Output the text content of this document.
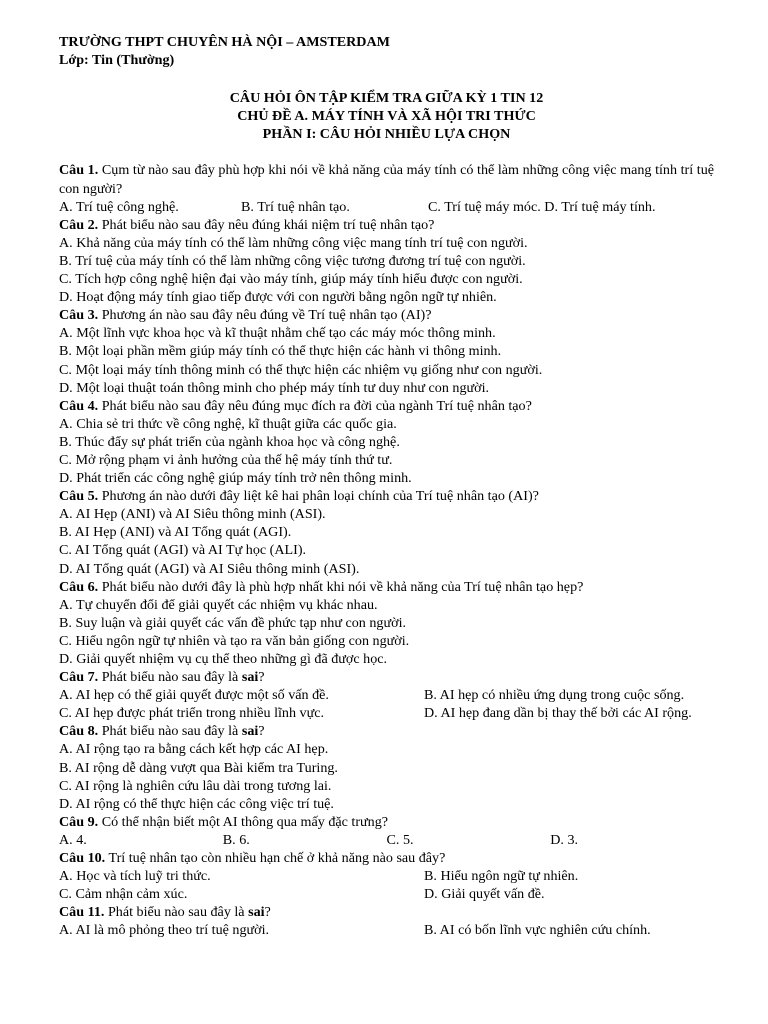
TRƯỜNG THPT CHUYÊN HÀ NỘI – AMSTERDAM
Lớp: Tin (Thường)
CÂU HỎI ÔN TẬP KIỂM TRA GIỮA KỲ 1 TIN 12
CHỦ ĐỀ A. MÁY TÍNH VÀ XÃ HỘI TRI THỨC
PHẦN I: CÂU HỎI NHIỀU LỰA CHỌN
Câu 1. Cụm từ nào sau đây phù hợp khi nói về khả năng của máy tính có thể làm những công việc mang tính trí tuệ con người?
A. Trí tuệ công nghệ.	B. Trí tuệ nhân tạo.	C. Trí tuệ máy móc. D. Trí tuệ máy tính.
Câu 2. Phát biểu nào sau đây nêu đúng khái niệm trí tuệ nhân tạo?
A. Khả năng của máy tính có thể làm những công việc mang tính trí tuệ con người.
B. Trí tuệ của máy tính có thể làm những công việc tương đương trí tuệ con người.
C. Tích hợp công nghệ hiện đại vào máy tính, giúp máy tính hiểu được con người.
D. Hoạt động máy tính giao tiếp được với con người bằng ngôn ngữ tự nhiên.
Câu 3. Phương án nào sau đây nêu đúng về Trí tuệ nhân tạo (AI)?
A. Một lĩnh vực khoa học và kĩ thuật nhằm chế tạo các máy móc thông minh.
B. Một loại phần mềm giúp máy tính có thể thực hiện các hành vi thông minh.
C. Một loại máy tính thông minh có thể thực hiện các nhiệm vụ giống như con người.
D. Một loại thuật toán thông minh cho phép máy tính tư duy như con người.
Câu 4. Phát biểu nào sau đây nêu đúng mục đích ra đời của ngành Trí tuệ nhân tạo?
A. Chia sẻ tri thức về công nghệ, kĩ thuật giữa các quốc gia.
B. Thúc đẩy sự phát triển của ngành khoa học và công nghệ.
C. Mở rộng phạm vi ảnh hưởng của thế hệ máy tính thứ tư.
D. Phát triển các công nghệ giúp máy tính trở nên thông minh.
Câu 5. Phương án nào dưới đây liệt kê hai phân loại chính của Trí tuệ nhân tạo (AI)?
A. AI Hẹp (ANI) và AI Siêu thông minh (ASI).
B. AI Hẹp (ANI) và AI Tổng quát (AGI).
C. AI Tổng quát (AGI) và AI Tự học (ALI).
D. AI Tổng quát (AGI) và AI Siêu thông minh (ASI).
Câu 6. Phát biểu nào dưới đây là phù hợp nhất khi nói về khả năng của Trí tuệ nhân tạo hẹp?
A. Tự chuyển đổi để giải quyết các nhiệm vụ khác nhau.
B. Suy luận và giải quyết các vấn đề phức tạp như con người.
C. Hiểu ngôn ngữ tự nhiên và tạo ra văn bản giống con người.
D. Giải quyết nhiệm vụ cụ thể theo những gì đã được học.
Câu 7. Phát biểu nào sau đây là sai?
A. AI hẹp có thể giải quyết được một số vấn đề.	B. AI hẹp có nhiều ứng dụng trong cuộc sống.
C. AI hẹp được phát triển trong nhiều lĩnh vực.	D. AI hẹp đang dần bị thay thế bởi các AI rộng.
Câu 8. Phát biểu nào sau đây là sai?
A. AI rộng tạo ra bằng cách kết hợp các AI hẹp.
B. AI rộng dễ dàng vượt qua Bài kiểm tra Turing.
C. AI rộng là nghiên cứu lâu dài trong tương lai.
D. AI rộng có thể thực hiện các công việc trí tuệ.
Câu 9. Có thể nhận biết một AI thông qua mấy đặc trưng?
A. 4.	B. 6.	C. 5.	D. 3.
Câu 10. Trí tuệ nhân tạo còn nhiều hạn chế ở khả năng nào sau đây?
A. Học và tích luỹ tri thức.	B. Hiểu ngôn ngữ tự nhiên.
C. Cảm nhận cảm xúc.	D. Giải quyết vấn đề.
Câu 11. Phát biểu nào sau đây là sai?
A. AI là mô phỏng theo trí tuệ người.	B. AI có bốn lĩnh vực nghiên cứu chính.
